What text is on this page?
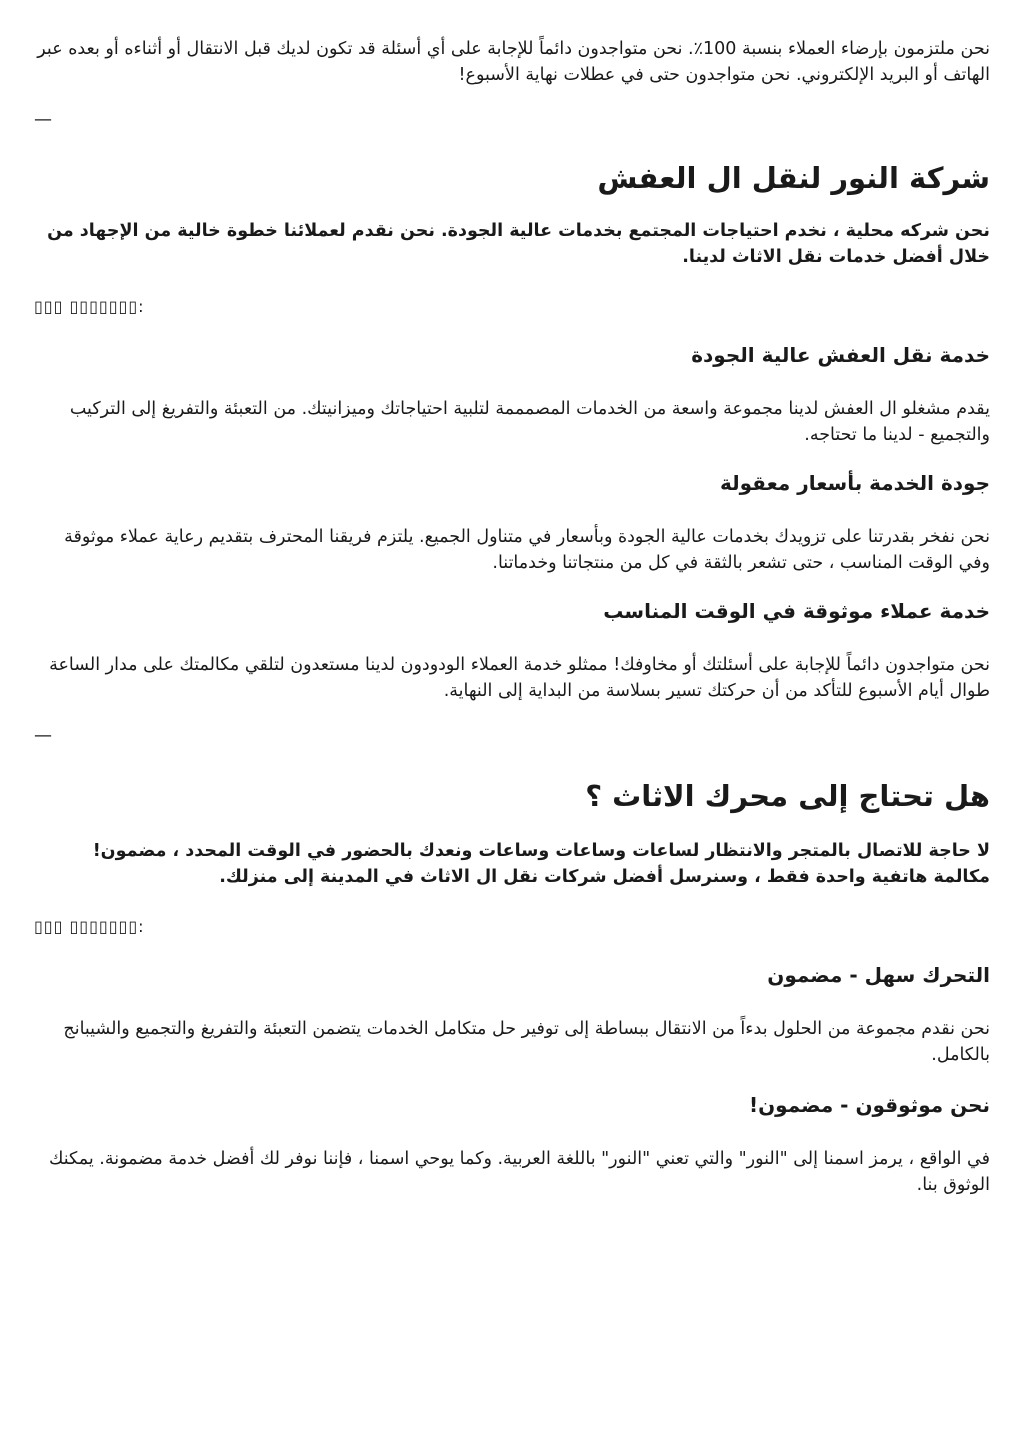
نحن ملتزمون بإرضاء العملاء بنسبة 100٪. نحن متواجدون دائماً للإجابة على أي أسئلة قد تكون لديك قبل الانتقال أو أثناءه أو بعده عبر الهاتف أو البريد الإلكتروني. نحن متواجدون حتى في عطلات نهاية الأسبوع!

—
شركة النور لنقل ال العفش

نحن شركه محلية ، نخدم احتياجات المجتمع بخدمات عالية الجودة. نحن نقدم لعملائنا خطوة خالية من الإجهاد من خلال أفضل خدمات نقل الاثاث لدينا.

▯▯▯ ▯▯▯▯▯▯▯:

خدمة نقل العفش عالية الجودة

يقدم مشغلو ال العفش لدينا مجموعة واسعة من الخدمات المصمممة لتلبية احتياجاتك وميزانيتك. من التعبئة والتفريغ إلى التركيب والتجميع - لدينا ما تحتاجه.

جودة الخدمة بأسعار معقولة

نحن نفخر بقدرتنا على تزويدك بخدمات عالية الجودة وبأسعار في متناول الجميع. يلتزم فريقنا المحترف بتقديم رعاية عملاء موثوقة وفي الوقت المناسب ، حتى تشعر بالثقة في كل من منتجاتنا وخدماتنا.

خدمة عملاء موثوقة في الوقت المناسب

نحن متواجدون دائماً للإجابة على أسئلتك أو مخاوفك! ممثلو خدمة العملاء الودودون لدينا مستعدون لتلقي مكالمتك على مدار الساعة طوال أيام الأسبوع للتأكد من أن حركتك تسير بسلاسة من البداية إلى النهاية.

—
هل تحتاج إلى محرك الاثاث ؟

لا حاجة للاتصال بالمتجر والانتظار لساعات وساعات وساعات ونعدك بالحضور في الوقت المحدد ، مضمون! مكالمة هاتفية واحدة فقط ، وسنرسل أفضل شركات نقل ال الاثاث في المدينة إلى منزلك.

▯▯▯ ▯▯▯▯▯▯▯:

التحرك سهل - مضمون

نحن نقدم مجموعة من الحلول بدءاً من الانتقال ببساطة إلى توفير حل متكامل الخدمات يتضمن التعبئة والتفريغ والتجميع والشيبانج بالكامل.

نحن موثوقون - مضمون!

في الواقع ، يرمز اسمنا إلى "النور" والتي تعني "النور" باللغة العربية. وكما يوحي اسمنا ، فإننا نوفر لك أفضل خدمة مضمونة. يمكنك الوثوق بنا.
